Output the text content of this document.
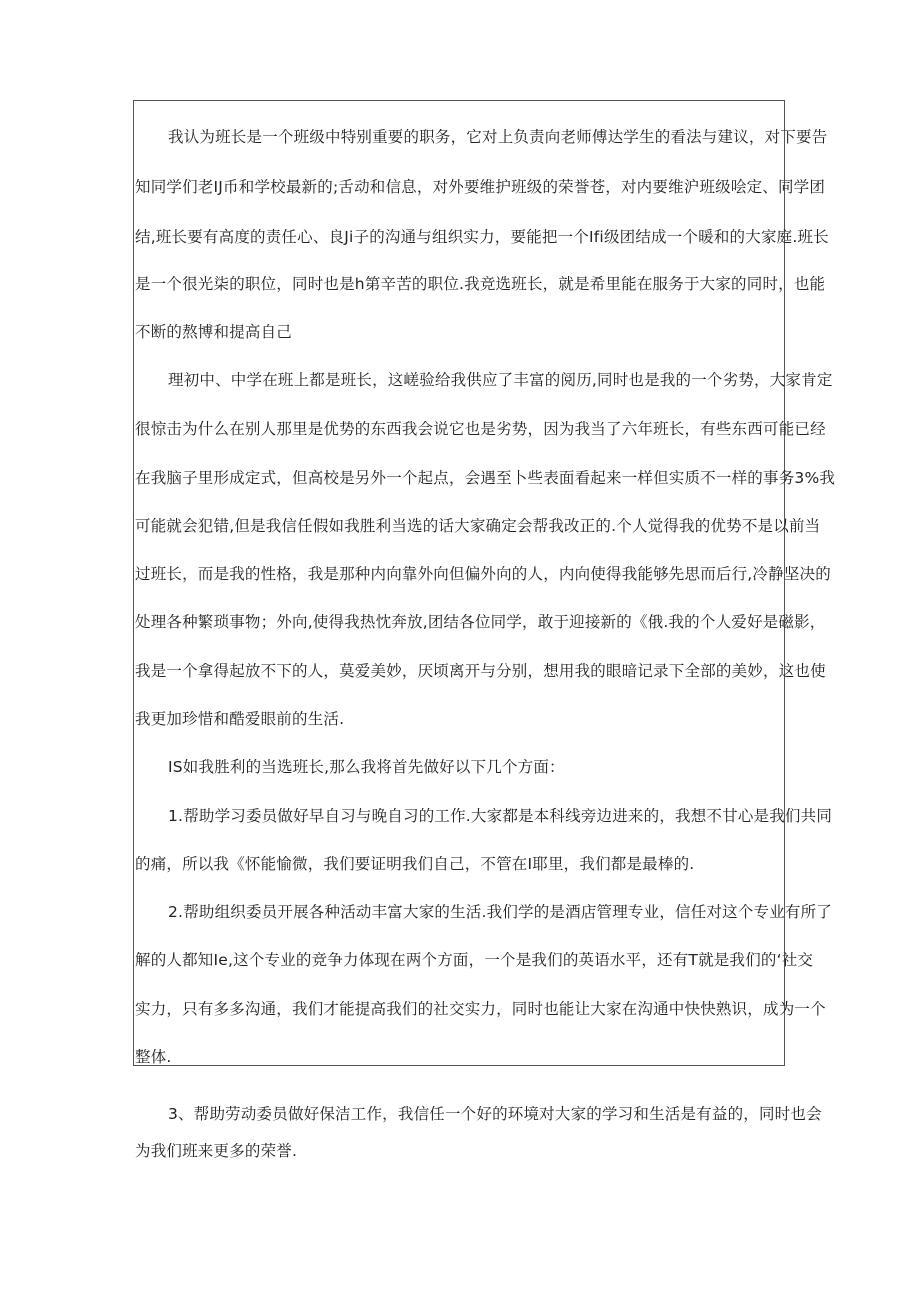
我认为班长是一个班级中特别重要的职务，它对上负责向老师傅达学生的看法与建议，对下要告
知同学们老IJ币和学校最新的;舌动和信息，对外要维护班级的荣誉苍，对内要维沪班级哙定、同学团
结,班长要有高度的责任心、良Ji子的沟通与组织实力，要能把一个Ifi级团结成一个暖和的大家庭.班长
是一个很光柒的职位，同时也是h第辛苦的职位.我竞选班长，就是希里能在服务于大家的同时，也能
不断的熬博和提高自己
理初中、中学在班上都是班长，这嵯验给我供应了丰富的阅历,同时也是我的一个劣势，大家肯定
很惊击为什么在别人那里是优势的东西我会说它也是劣势，因为我当了六年班长，有些东西可能已经
在我脑子里形成定式，但高校是另外一个起点，会遇至卜些表面看起来一样但实质不一样的事务3%我
可能就会犯错,但是我信任假如我胜利当选的话大家确定会帮我改正的.个人觉得我的优势不是以前当
过班长，而是我的性格，我是那种内向靠外向但偏外向的人，内向使得我能够先思而后行,冷静坚决的
处理各种繁琐事物；外向,使得我热忱奔放,团结各位同学，敢于迎接新的《俄.我的个人爱好是磁影，
我是一个拿得起放不下的人，莫爱美妙，厌顷离开与分别，想用我的眼暗记录下全部的美妙，这也使
我更加珍惜和酷爱眼前的生活.
IS如我胜利的当选班长,那么我将首先做好以下几个方面：
1.帮助学习委员做好早自习与晚自习的工作.大家都是本科线旁边进来的，我想不甘心是我们共同
的痛，所以我《怀能愉微，我们要证明我们自己，不管在I耶里，我们都是最棒的.
2.帮助组织委员开展各种活动丰富大家的生活.我们学的是酒店管理专业，信任对这个专业有所了
解的人都知Ie,这个专业的竞争力体现在两个方面，一个是我们的英语水平，还有T就是我们的‘社交
实力，只有多多沟通，我们才能提高我们的社交实力，同时也能让大家在沟通中快快熟识，成为一个
整体.
3、帮助劳动委员做好保洁工作，我信任一个好的环境对大家的学习和生活是有益的，同时也会
为我们班来更多的荣誉.
